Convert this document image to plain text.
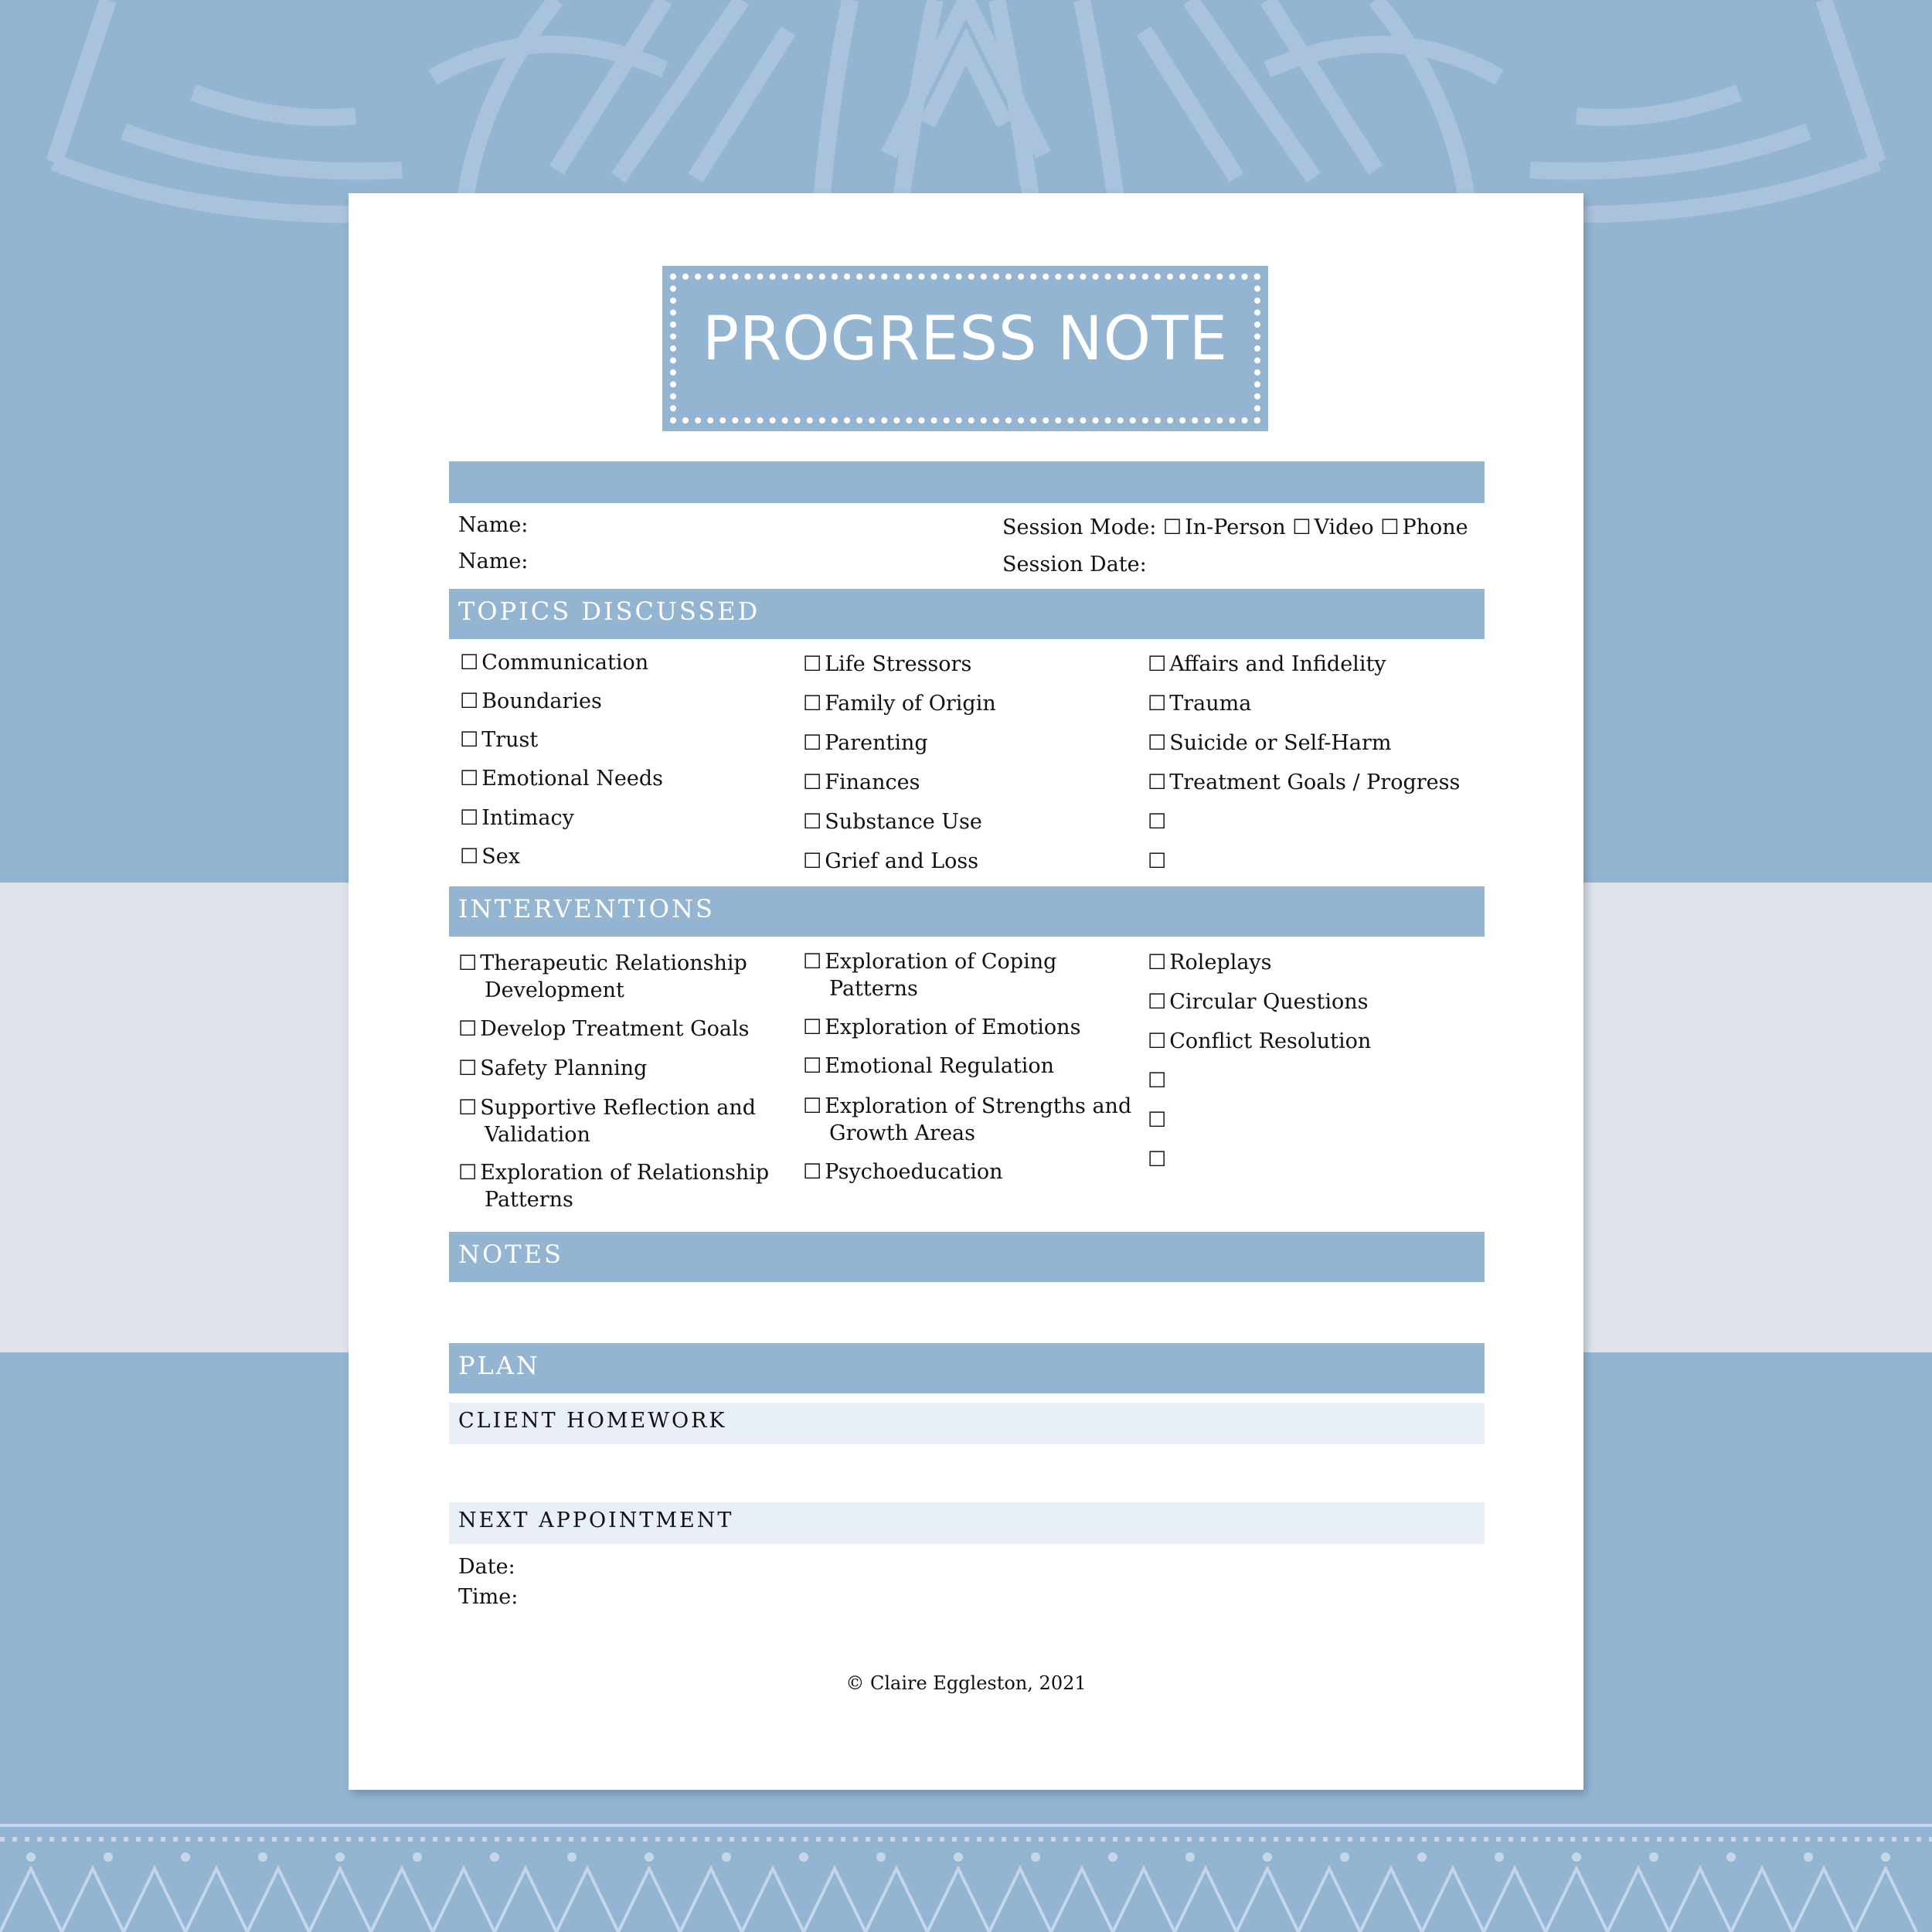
PROGRESS NOTE
Name:
Name:
Session Mode: ☐ In-Person ☐ Video ☐ Phone
Session Date:
TOPICS DISCUSSED
☐ Communication
☐ Boundaries
☐ Trust
☐ Emotional Needs
☐ Intimacy
☐ Sex
☐ Life Stressors
☐ Family of Origin
☐ Parenting
☐ Finances
☐ Substance Use
☐ Grief and Loss
☐ Affairs and Infidelity
☐ Trauma
☐ Suicide or Self-Harm
☐ Treatment Goals / Progress
☐
☐
INTERVENTIONS
☐ Therapeutic Relationship
Development
☐ Develop Treatment Goals
☐ Safety Planning
☐ Supportive Reflection and
Validation
☐ Exploration of Relationship
Patterns
☐ Exploration of Coping
Patterns
☐ Exploration of Emotions
☐ Emotional Regulation
☐ Exploration of Strengths and
Growth Areas
☐ Psychoeducation
☐ Roleplays
☐ Circular Questions
☐ Conflict Resolution
☐
☐
☐
NOTES
PLAN
CLIENT HOMEWORK
NEXT APPOINTMENT
Date:
Time:
© Claire Eggleston, 2021
